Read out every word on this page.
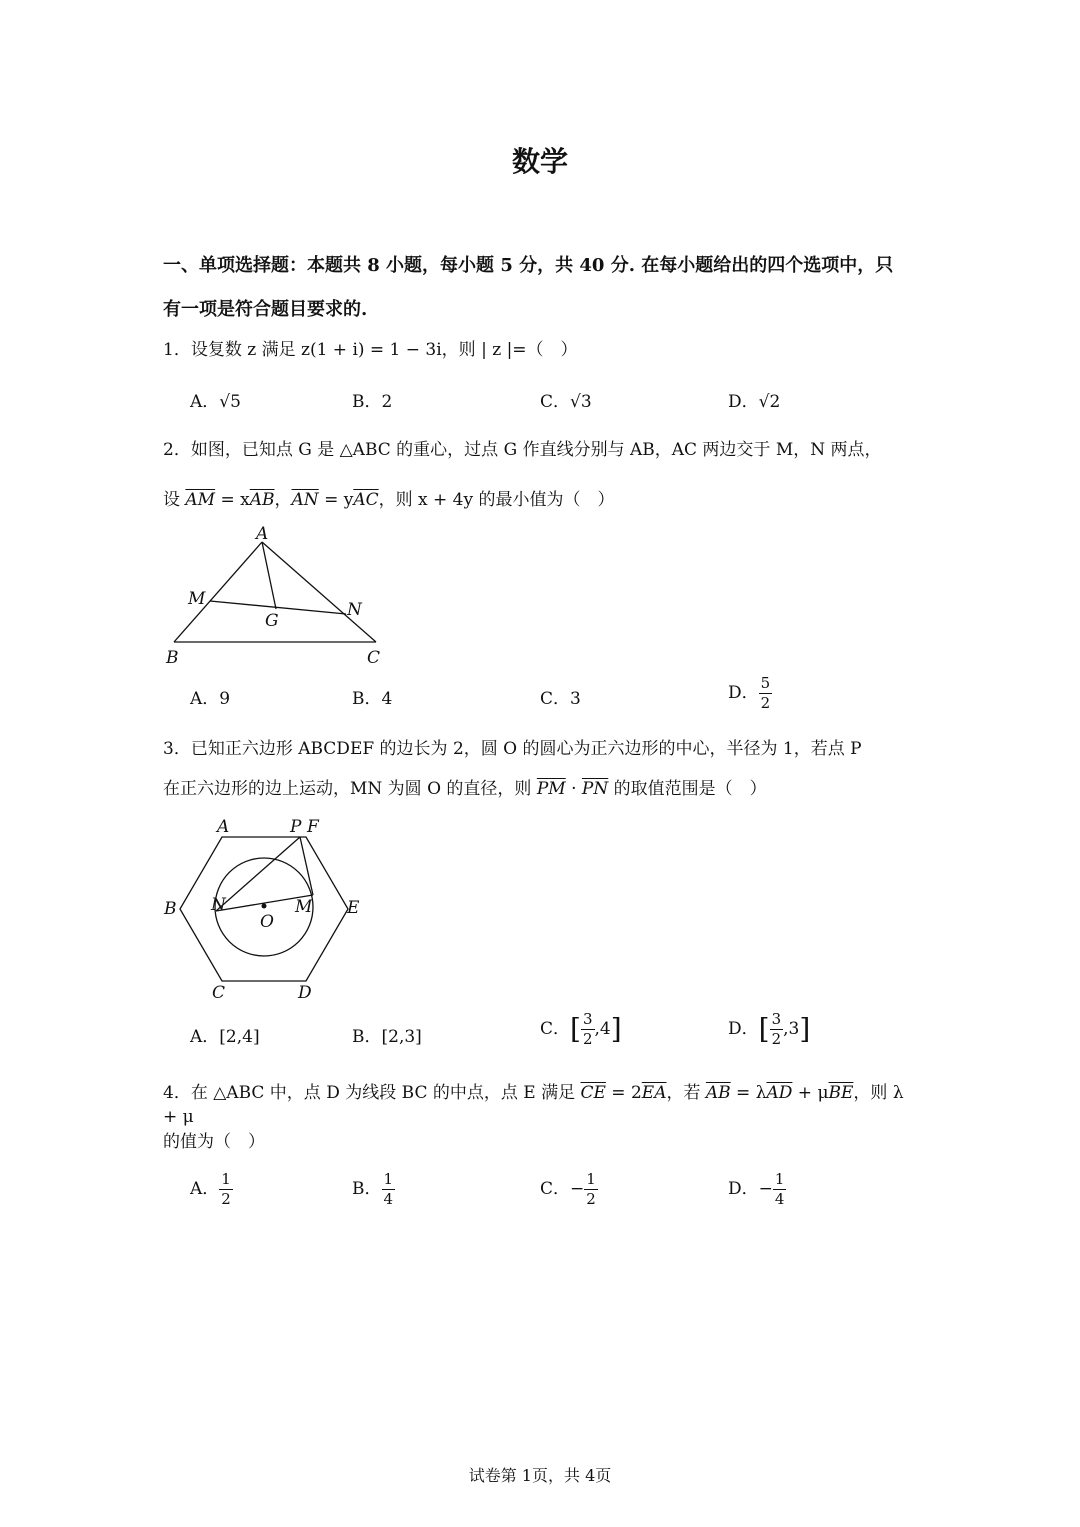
数学
一、单项选择题：本题共 8 小题，每小题 5 分，共 40 分. 在每小题给出的四个选项中，只
有一项是符合题目要求的.
1．设复数 z 满足 z(1 + i) = 1 − 3i，则 | z |=（　）
A．√5	B．2	C．√3	D．√2
2．如图，已知点 G 是 △ABC 的重心，过点 G 作直线分别与 AB，AC 两边交于 M，N 两点，
设 $\overline{AM} = x\overline{AB}$，$\overline{AN} = y\overline{AC}$，则 x + 4y 的最小值为（　）
A
M
N
G
B	C
A．9	B．4	C．3	D． $\frac{5}{2}$
3．已知正六边形 ABCDEF 的边长为 2，圆 O 的圆心为正六边形的中心，半径为 1，若点 P
在正六边形的边上运动，MN 为圆 O 的直径，则 $\overline{PM} \cdot \overline{PN}$ 的取值范围是（　）
A	P F
B	E
N	M
O
C	D
A．[2,4]	B．[2,3]	C．[ $\frac{3}{2} ,4$]	D．[ $\frac{3}{2} ,3$]
4．在 △ABC 中，点 D 为线段 BC 的中点，点 E 满足 $\overline{CE} = 2\overline{EA}$，若 $\overline{AB} = \lambda\overline{AD} + \mu\overline{BE}$，则 λ + μ
的值为（　）
A． $\frac{1}{2}$	B． $\frac{1}{4}$	C．− $\frac{1}{2}$	D．− $\frac{1}{4}$
试卷第 1页，共 4页
